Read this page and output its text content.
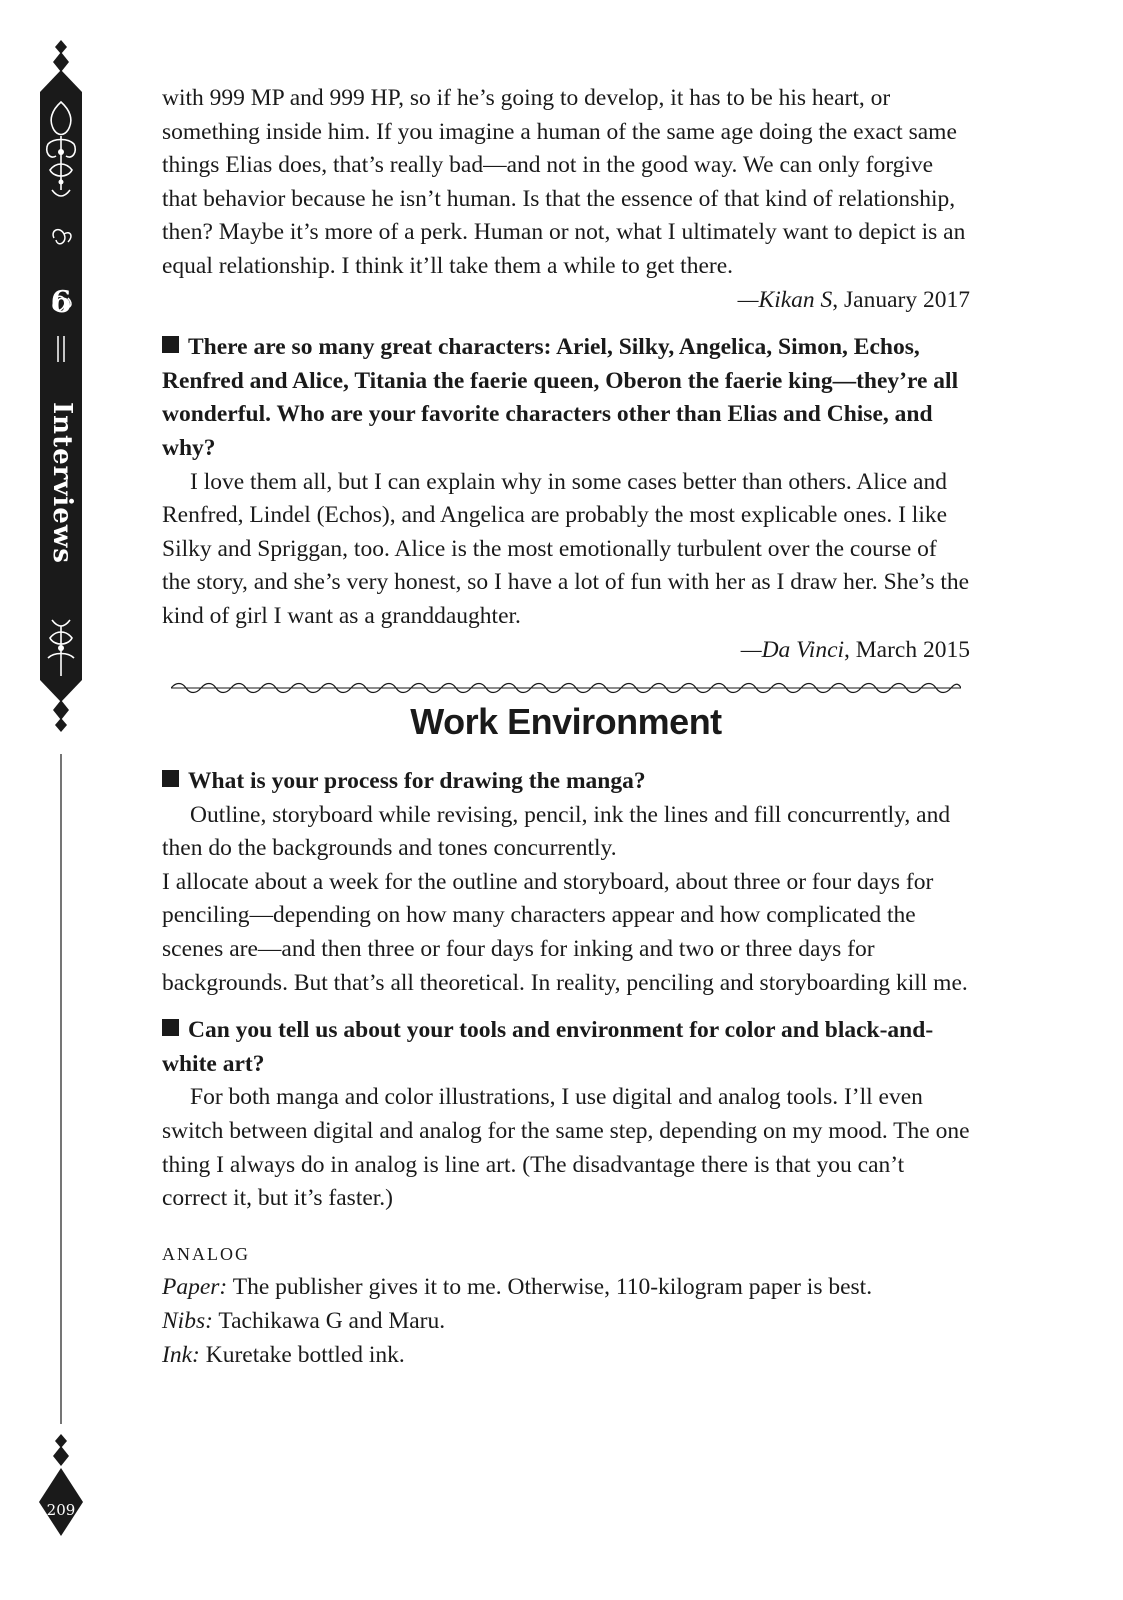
6
Interviews
209

with 999 MP and 999 HP, so if he’s going to develop, it has to be his heart, or something inside him. If you imagine a human of the same age doing the exact same things Elias does, that’s really bad—and not in the good way. We can only forgive that behavior because he isn’t human. Is that the essence of that kind of relationship, then? Maybe it’s more of a perk. Human or not, what I ultimately want to depict is an equal relationship. I think it’ll take them a while to get there.

—Kikan S, January 2017

There are so many great characters: Ariel, Silky, Angelica, Simon, Echos, Renfred and Alice, Titania the faerie queen, Oberon the faerie king—they’re all wonderful. Who are your favorite characters other than Elias and Chise, and why?

I love them all, but I can explain why in some cases better than others. Alice and Renfred, Lindel (Echos), and Angelica are probably the most explicable ones. I like Silky and Spriggan, too. Alice is the most emotionally turbulent over the course of the story, and she’s very honest, so I have a lot of fun with her as I draw her. She’s the kind of girl I want as a granddaughter.

—Da Vinci, March 2015

Work Environment

What is your process for drawing the manga?

Outline, storyboard while revising, pencil, ink the lines and fill concurrently, and then do the backgrounds and tones concurrently.

I allocate about a week for the outline and storyboard, about three or four days for penciling—depending on how many characters appear and how complicated the scenes are—and then three or four days for inking and two or three days for backgrounds. But that’s all theoretical. In reality, penciling and storyboarding kill me.

Can you tell us about your tools and environment for color and black-and-white art?

For both manga and color illustrations, I use digital and analog tools. I’ll even switch between digital and analog for the same step, depending on my mood. The one thing I always do in analog is line art. (The disadvantage there is that you can’t correct it, but it’s faster.)

ANALOG

Paper: The publisher gives it to me. Otherwise, 110-kilogram paper is best.

Nibs: Tachikawa G and Maru.

Ink: Kuretake bottled ink.
